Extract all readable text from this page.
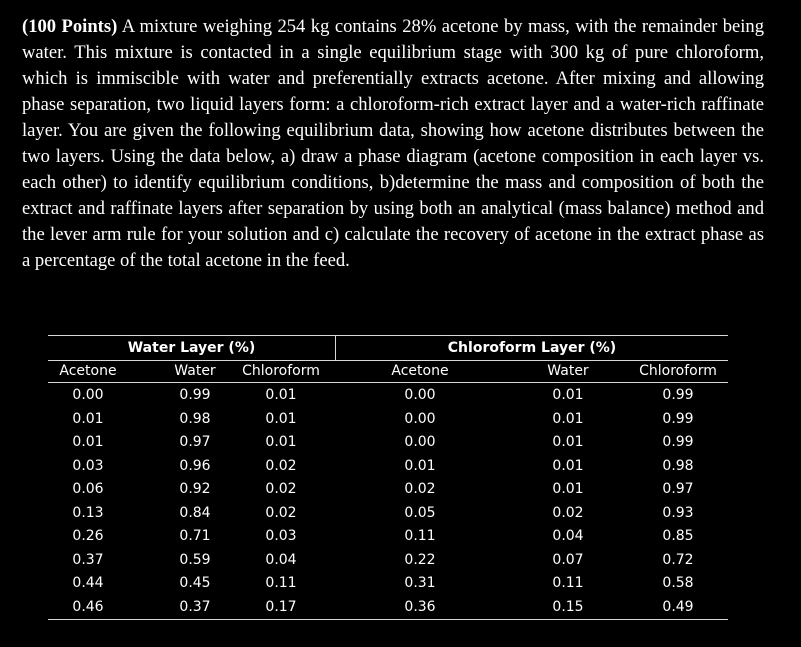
(100 Points) A mixture weighing 254 kg contains 28% acetone by mass, with the remainder being water. This mixture is contacted in a single equilibrium stage with 300 kg of pure chloroform, which is immiscible with water and preferentially extracts acetone. After mixing and allowing phase separation, two liquid layers form: a chloroform-rich extract layer and a water-rich raffinate layer. You are given the following equilibrium data, showing how acetone distributes between the two layers. Using the data below, a) draw a phase diagram (acetone composition in each layer vs. each other) to identify equilibrium conditions, b)determine the mass and composition of both the extract and raffinate layers after separation by using both an analytical (mass balance) method and the lever arm rule for your solution and c) calculate the recovery of acetone in the extract phase as a percentage of the total acetone in the feed.
Water Layer (%)	Chloroform Layer (%)
Acetone	Water	Chloroform	Acetone	Water	Chloroform
0.00	0.99	0.01	0.00	0.01	0.99
0.01	0.98	0.01	0.00	0.01	0.99
0.01	0.97	0.01	0.00	0.01	0.99
0.03	0.96	0.02	0.01	0.01	0.98
0.06	0.92	0.02	0.02	0.01	0.97
0.13	0.84	0.02	0.05	0.02	0.93
0.26	0.71	0.03	0.11	0.04	0.85
0.37	0.59	0.04	0.22	0.07	0.72
0.44	0.45	0.11	0.31	0.11	0.58
0.46	0.37	0.17	0.36	0.15	0.49
